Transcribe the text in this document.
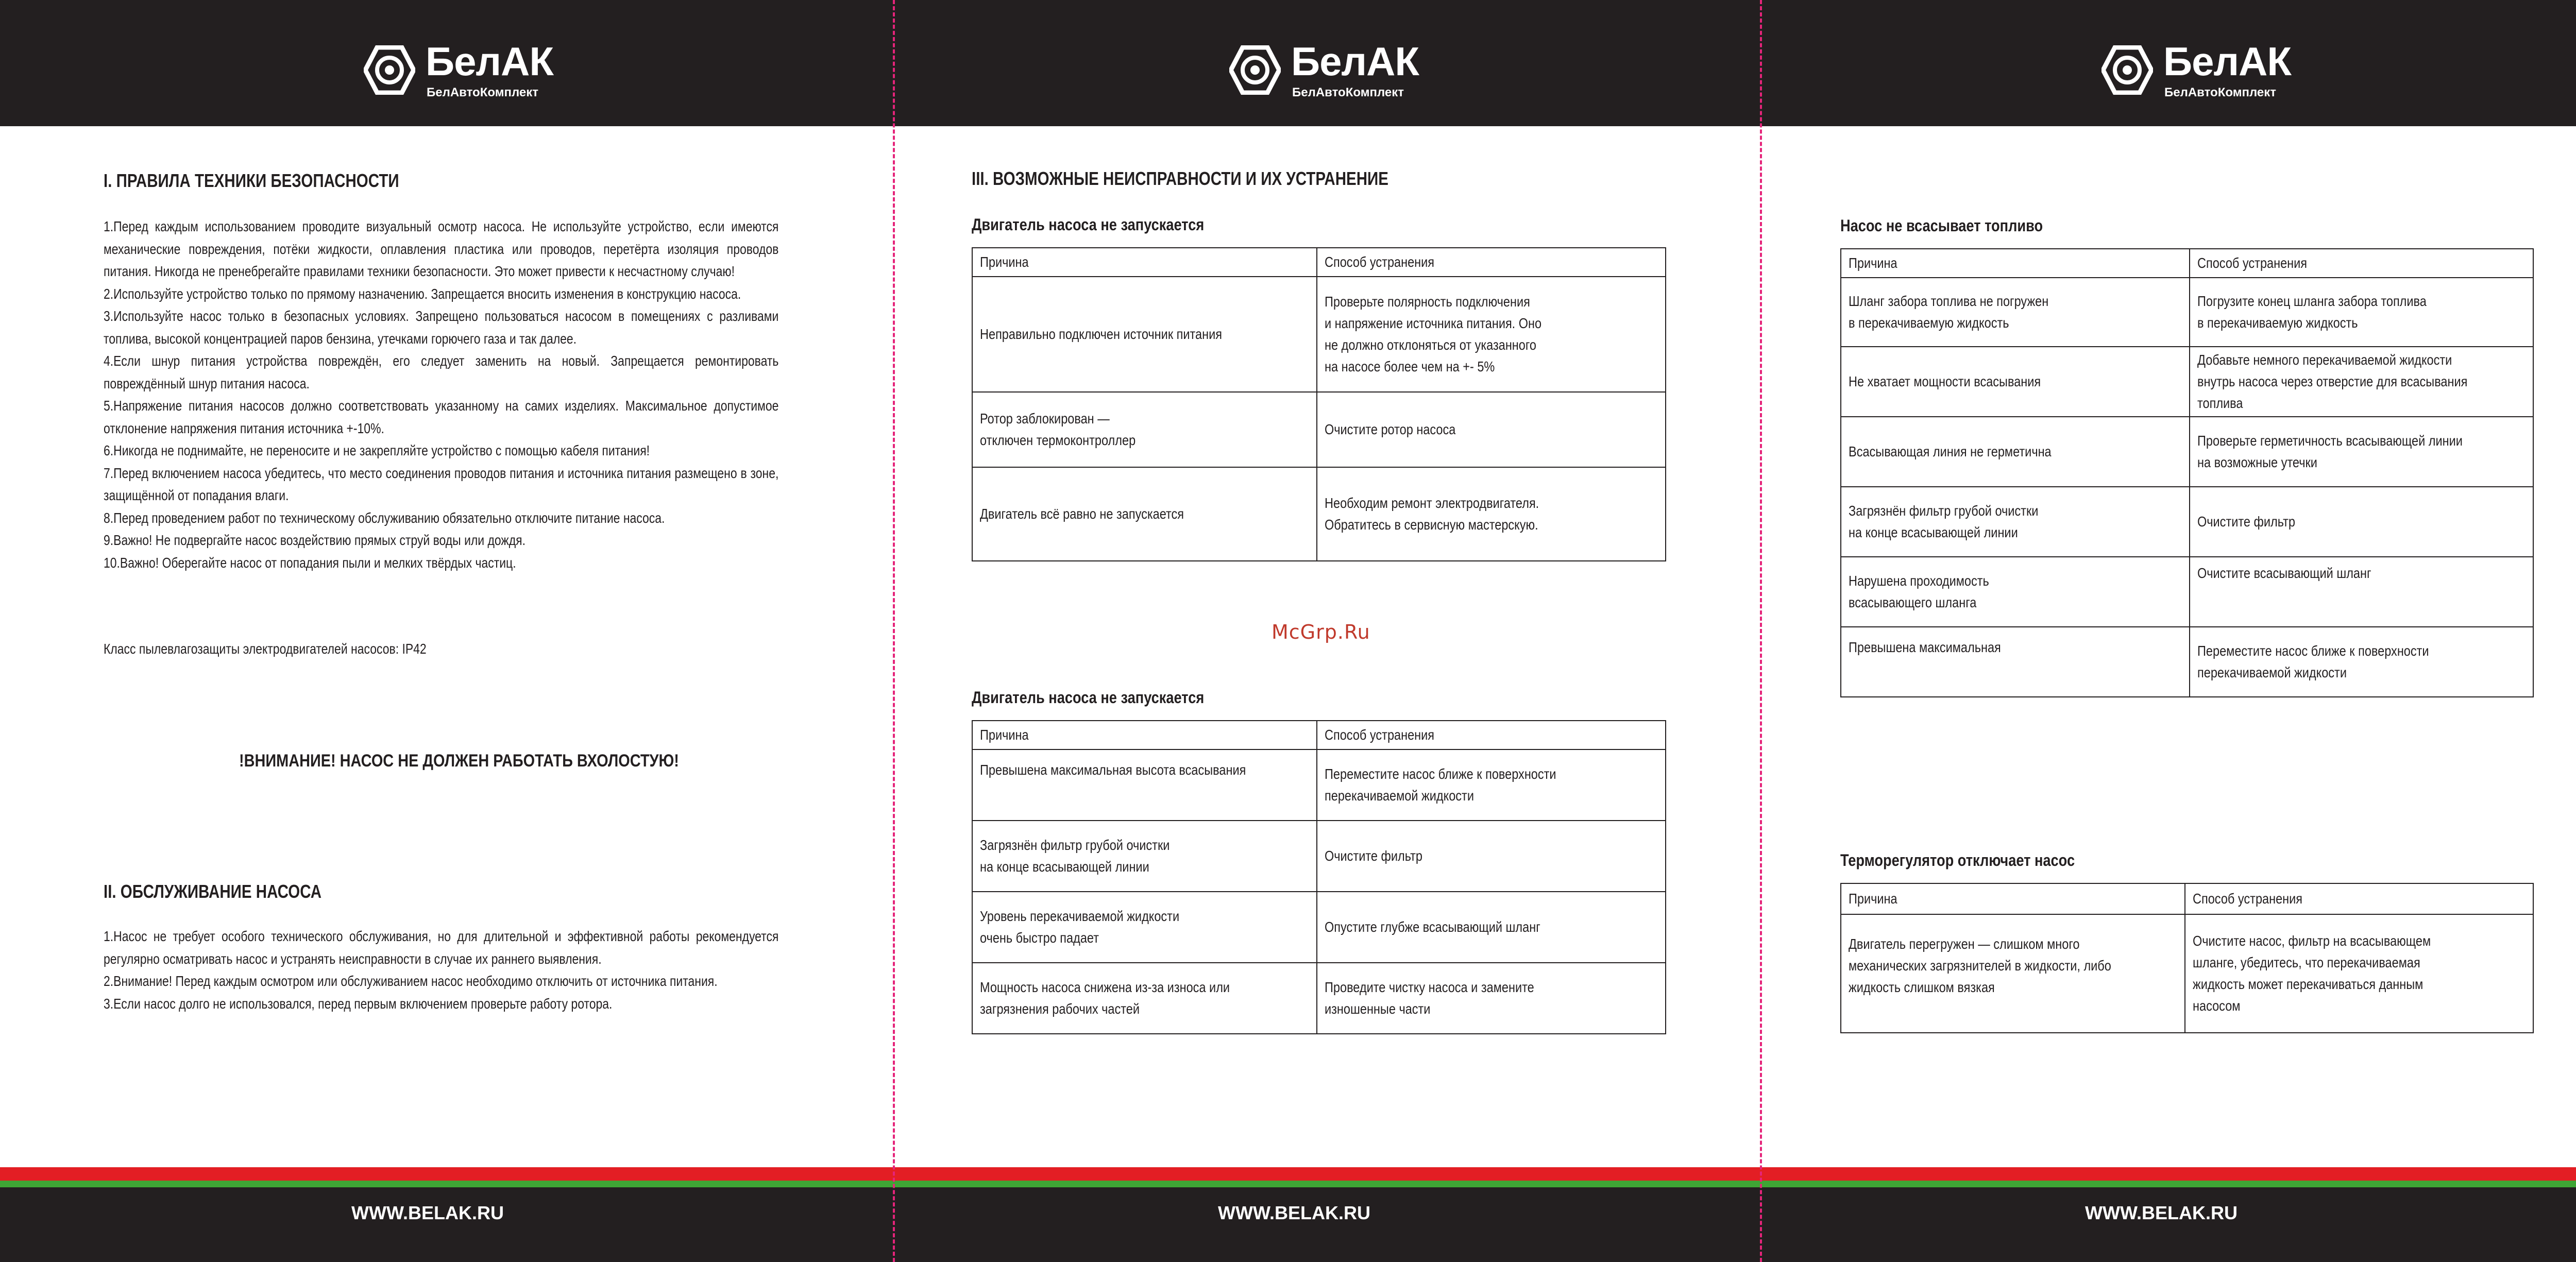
БелАК
БелАвтоКомплект
БелАК
БелАвтоКомплект
БелАК
БелАвтоКомплект
WWW.BELAK.RU	WWW.BELAK.RU	WWW.BELAK.RU
I. ПРАВИЛА ТЕХНИКИ БЕЗОПАСНОСТИ
1.Перед каждым использованием проводите визуальный осмотр насоса. Не используйте устройство, если имеются механические повреждения, потёки жидкости, оплавления пластика или проводов, перетёрта изоляция проводов питания. Никогда не пренебрегайте правилами техники безопасности. Это может привести к несчастному случаю!
2.Используйте устройство только по прямому назначению. Запрещается вносить изменения в конструкцию насоса.
3.Используйте насос только в безопасных условиях. Запрещено пользоваться насосом в помещениях с разливами топлива, высокой концентрацией паров бензина, утечками горючего газа и так далее.
4.Если шнур питания устройства повреждён, его следует заменить на новый. Запрещается ремонтировать повреждённый шнур питания насоса.
5.Напряжение питания насосов должно соответствовать указанному на самих изделиях. Максимальное допустимое отклонение напряжения питания источника +-10%.
6.Никогда не поднимайте, не переносите и не закрепляйте устройство с помощью кабеля питания!
7.Перед включением насоса убедитесь, что место соединения проводов питания и источника питания размещено в зоне, защищённой от попадания влаги.
8.Перед проведением работ по техническому обслуживанию обязательно отключите питание насоса.
9.Важно! Не подвергайте насос воздействию прямых струй воды или дождя.
10.Важно! Оберегайте насос от попадания пыли и мелких твёрдых частиц.
Класс пылевлагозащиты электродвигателей насосов: IP42
!ВНИМАНИЕ! НАСОС НЕ ДОЛЖЕН РАБОТАТЬ ВХОЛОСТУЮ!
II. ОБСЛУЖИВАНИЕ НАСОСА
1.Насос не требует особого технического обслуживания, но для длительной и эффективной работы рекомендуется регулярно осматривать насос и устранять неисправности в случае их раннего выявления.
2.Внимание! Перед каждым осмотром или обслуживанием насос необходимо отключить от источника питания.
3.Если насос долго не использовался, перед первым включением проверьте работу ротора.
III. ВОЗМОЖНЫЕ НЕИСПРАВНОСТИ И ИХ УСТРАНЕНИЕ
Двигатель насоса не запускается
Причина	Способ устранения
Неправильно подключен источник питания	Проверьте полярность подключения
и напряжение источника питания. Оно
не должно отклоняться от указанного
на насосе более чем на +- 5%
Ротор заблокирован —
отключен термоконтроллер	Очистите ротор насоса
Двигатель всё равно не запускается	Необходим ремонт электродвигателя.
Обратитесь в сервисную мастерскую.
McGrp.Ru
Двигатель насоса не запускается
Причина	Способ устранения
Превышена максимальная высота всасывания	Переместите насос ближе к поверхности
перекачиваемой жидкости
Загрязнён фильтр грубой очистки
на конце всасывающей линии	Очистите фильтр
Уровень перекачиваемой жидкости
очень быстро падает	Опустите глубже всасывающий шланг
Мощность насоса снижена из-за износа или
загрязнения рабочих частей	Проведите чистку насоса и замените
изношенные части
Насос не всасывает топливо
Причина	Способ устранения
Шланг забора топлива не погружен
в перекачиваемую жидкость	Погрузите конец шланга забора топлива
в перекачиваемую жидкость
Не хватает мощности всасывания	Добавьте немного перекачиваемой жидкости
внутрь насоса через отверстие для всасывания
топлива
Всасывающая линия не герметична	Проверьте герметичность всасывающей линии
на возможные утечки
Загрязнён фильтр грубой очистки
на конце всасывающей линии	Очистите фильтр
Нарушена проходимость
всасывающего шланга	Очистите всасывающий шланг
Превышена максимальная	Переместите насос ближе к поверхности
перекачиваемой жидкости
Терморегулятор отключает насос
Причина	Способ устранения
Двигатель перегружен — слишком много
механических загрязнителей в жидкости, либо
жидкость слишком вязкая	Очистите насос, фильтр на всасывающем
шланге, убедитесь, что перекачиваемая
жидкость может перекачиваться данным
насосом
